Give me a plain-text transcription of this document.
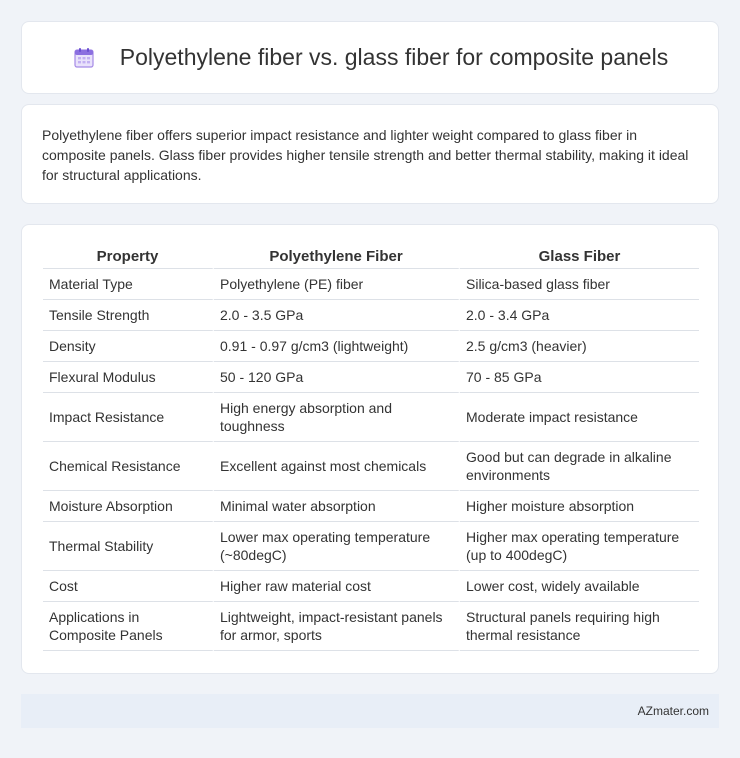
Polyethylene fiber vs. glass fiber for composite panels

Polyethylene fiber offers superior impact resistance and lighter weight compared to glass fiber in composite panels. Glass fiber provides higher tensile strength and better thermal stability, making it ideal for structural applications.

Property	Polyethylene Fiber	Glass Fiber
Material Type	Polyethylene (PE) fiber	Silica-based glass fiber
Tensile Strength	2.0 - 3.5 GPa	2.0 - 3.4 GPa
Density	0.91 - 0.97 g/cm3 (lightweight)	2.5 g/cm3 (heavier)
Flexural Modulus	50 - 120 GPa	70 - 85 GPa
Impact Resistance	High energy absorption and toughness	Moderate impact resistance
Chemical Resistance	Excellent against most chemicals	Good but can degrade in alkaline environments
Moisture Absorption	Minimal water absorption	Higher moisture absorption
Thermal Stability	Lower max operating temperature (~80degC)	Higher max operating temperature (up to 400degC)
Cost	Higher raw material cost	Lower cost, widely available
Applications in Composite Panels	Lightweight, impact-resistant panels for armor, sports	Structural panels requiring high thermal resistance
AZmater.com
